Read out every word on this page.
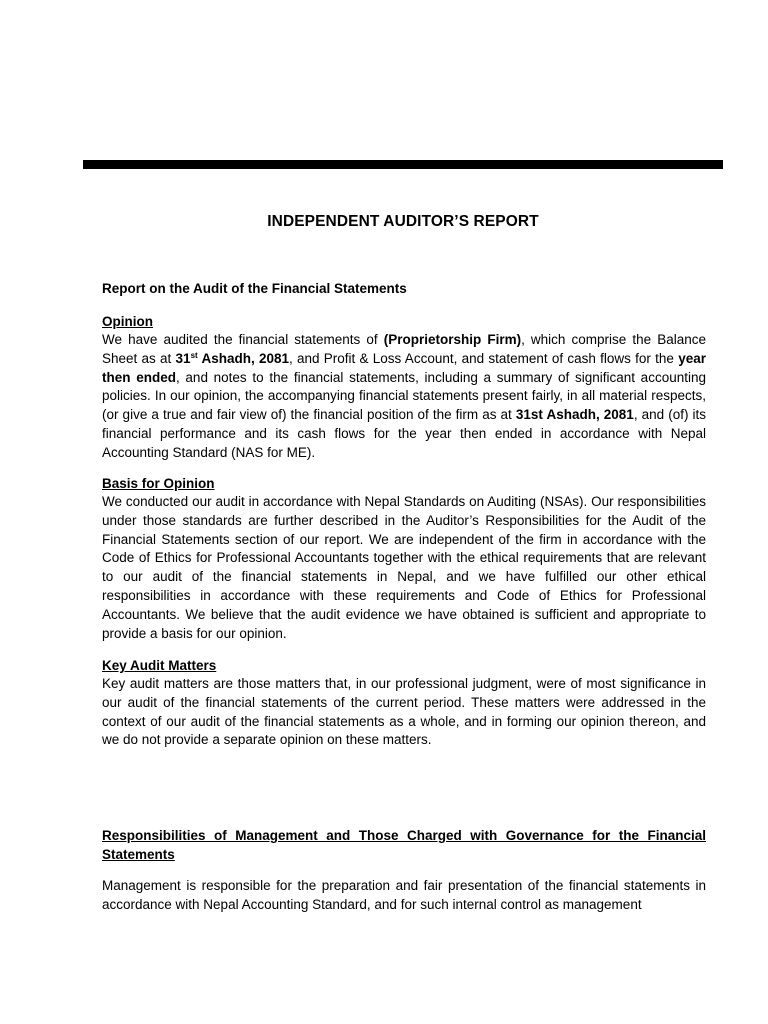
INDEPENDENT AUDITOR’S REPORT
Report on the Audit of the Financial Statements
Opinion
We have audited the financial statements of (Proprietorship Firm), which comprise the Balance Sheet as at 31st Ashadh, 2081, and Profit & Loss Account, and statement of cash flows for the year then ended, and notes to the financial statements, including a summary of significant accounting policies. In our opinion, the accompanying financial statements present fairly, in all material respects, (or give a true and fair view of) the financial position of the firm as at 31st Ashadh, 2081, and (of) its financial performance and its cash flows for the year then ended in accordance with Nepal Accounting Standard (NAS for ME).
Basis for Opinion
We conducted our audit in accordance with Nepal Standards on Auditing (NSAs). Our responsibilities under those standards are further described in the Auditor’s Responsibilities for the Audit of the Financial Statements section of our report. We are independent of the firm in accordance with the Code of Ethics for Professional Accountants together with the ethical requirements that are relevant to our audit of the financial statements in Nepal, and we have fulfilled our other ethical responsibilities in accordance with these requirements and Code of Ethics for Professional Accountants. We believe that the audit evidence we have obtained is sufficient and appropriate to provide a basis for our opinion.
Key Audit Matters
Key audit matters are those matters that, in our professional judgment, were of most significance in our audit of the financial statements of the current period. These matters were addressed in the context of our audit of the financial statements as a whole, and in forming our opinion thereon, and we do not provide a separate opinion on these matters.
Responsibilities of Management and Those Charged with Governance for the Financial Statements
Management is responsible for the preparation and fair presentation of the financial statements in accordance with Nepal Accounting Standard, and for such internal control as management
